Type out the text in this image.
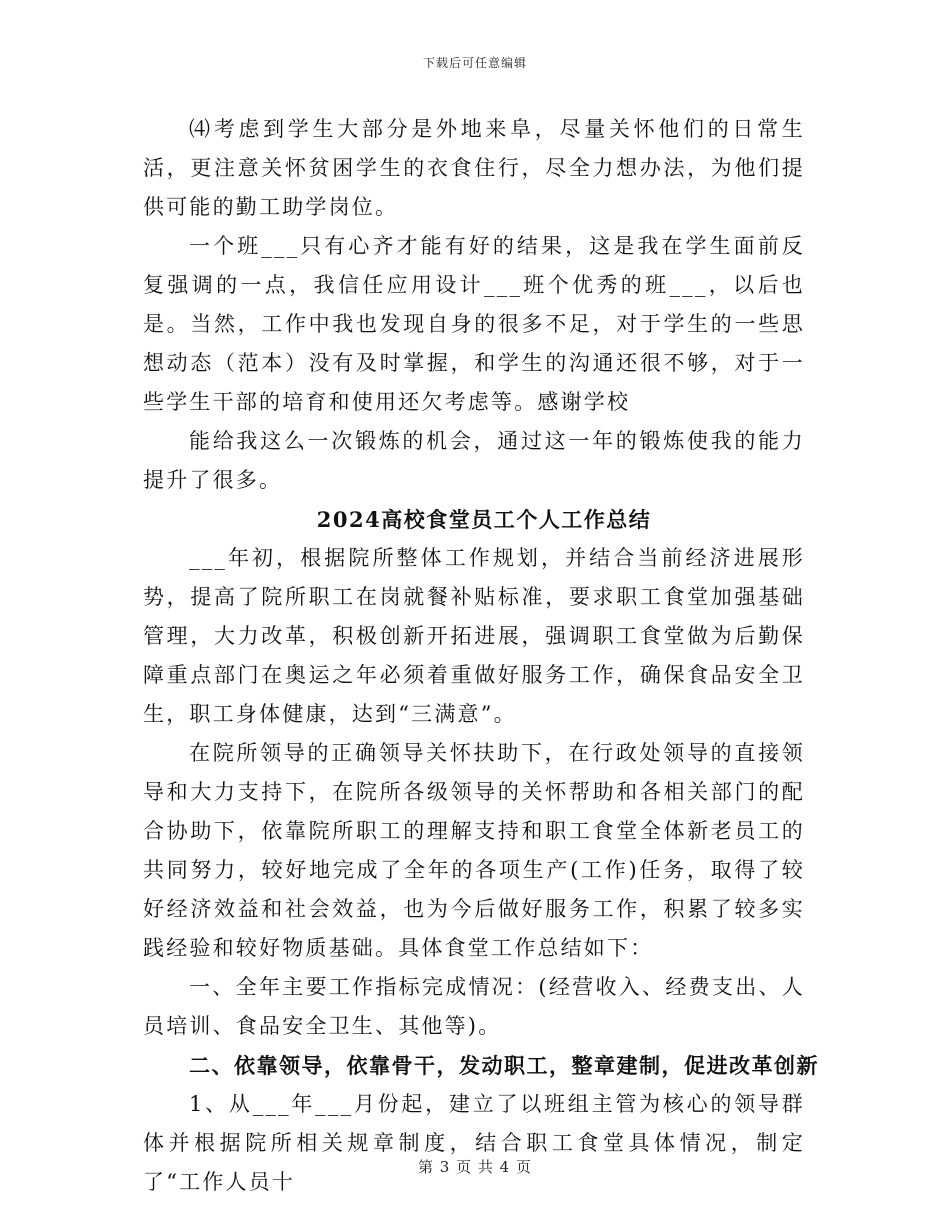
下载后可任意编辑

⑷考虑到学生大部分是外地来阜，尽量关怀他们的日常生活，更注意关怀贫困学生的衣食住行，尽全力想办法，为他们提供可能的勤工助学岗位。

一个班___只有心齐才能有好的结果，这是我在学生面前反复强调的一点，我信任应用设计___班个优秀的班___，以后也是。当然，工作中我也发现自身的很多不足，对于学生的一些思想动态（范本）没有及时掌握，和学生的沟通还很不够，对于一些学生干部的培育和使用还欠考虑等。感谢学校

能给我这么一次锻炼的机会，通过这一年的锻炼使我的能力提升了很多。

2024高校食堂员工个人工作总结

___年初，根据院所整体工作规划，并结合当前经济进展形势，提高了院所职工在岗就餐补贴标准，要求职工食堂加强基础管理，大力改革，积极创新开拓进展，强调职工食堂做为后勤保障重点部门在奥运之年必须着重做好服务工作，确保食品安全卫生，职工身体健康，达到“三满意”。

在院所领导的正确领导关怀扶助下，在行政处领导的直接领导和大力支持下，在院所各级领导的关怀帮助和各相关部门的配合协助下，依靠院所职工的理解支持和职工食堂全体新老员工的共同努力，较好地完成了全年的各项生产(工作)任务，取得了较好经济效益和社会效益，也为今后做好服务工作，积累了较多实践经验和较好物质基础。具体食堂工作总结如下：

一、全年主要工作指标完成情况：(经营收入、经费支出、人员培训、食品安全卫生、其他等)。

二、依靠领导，依靠骨干，发动职工，整章建制，促进改革创新

1、从___年___月份起，建立了以班组主管为核心的领导群体并根据院所相关规章制度，结合职工食堂具体情况，制定了“工作人员十

第 3 页 共 4 页
